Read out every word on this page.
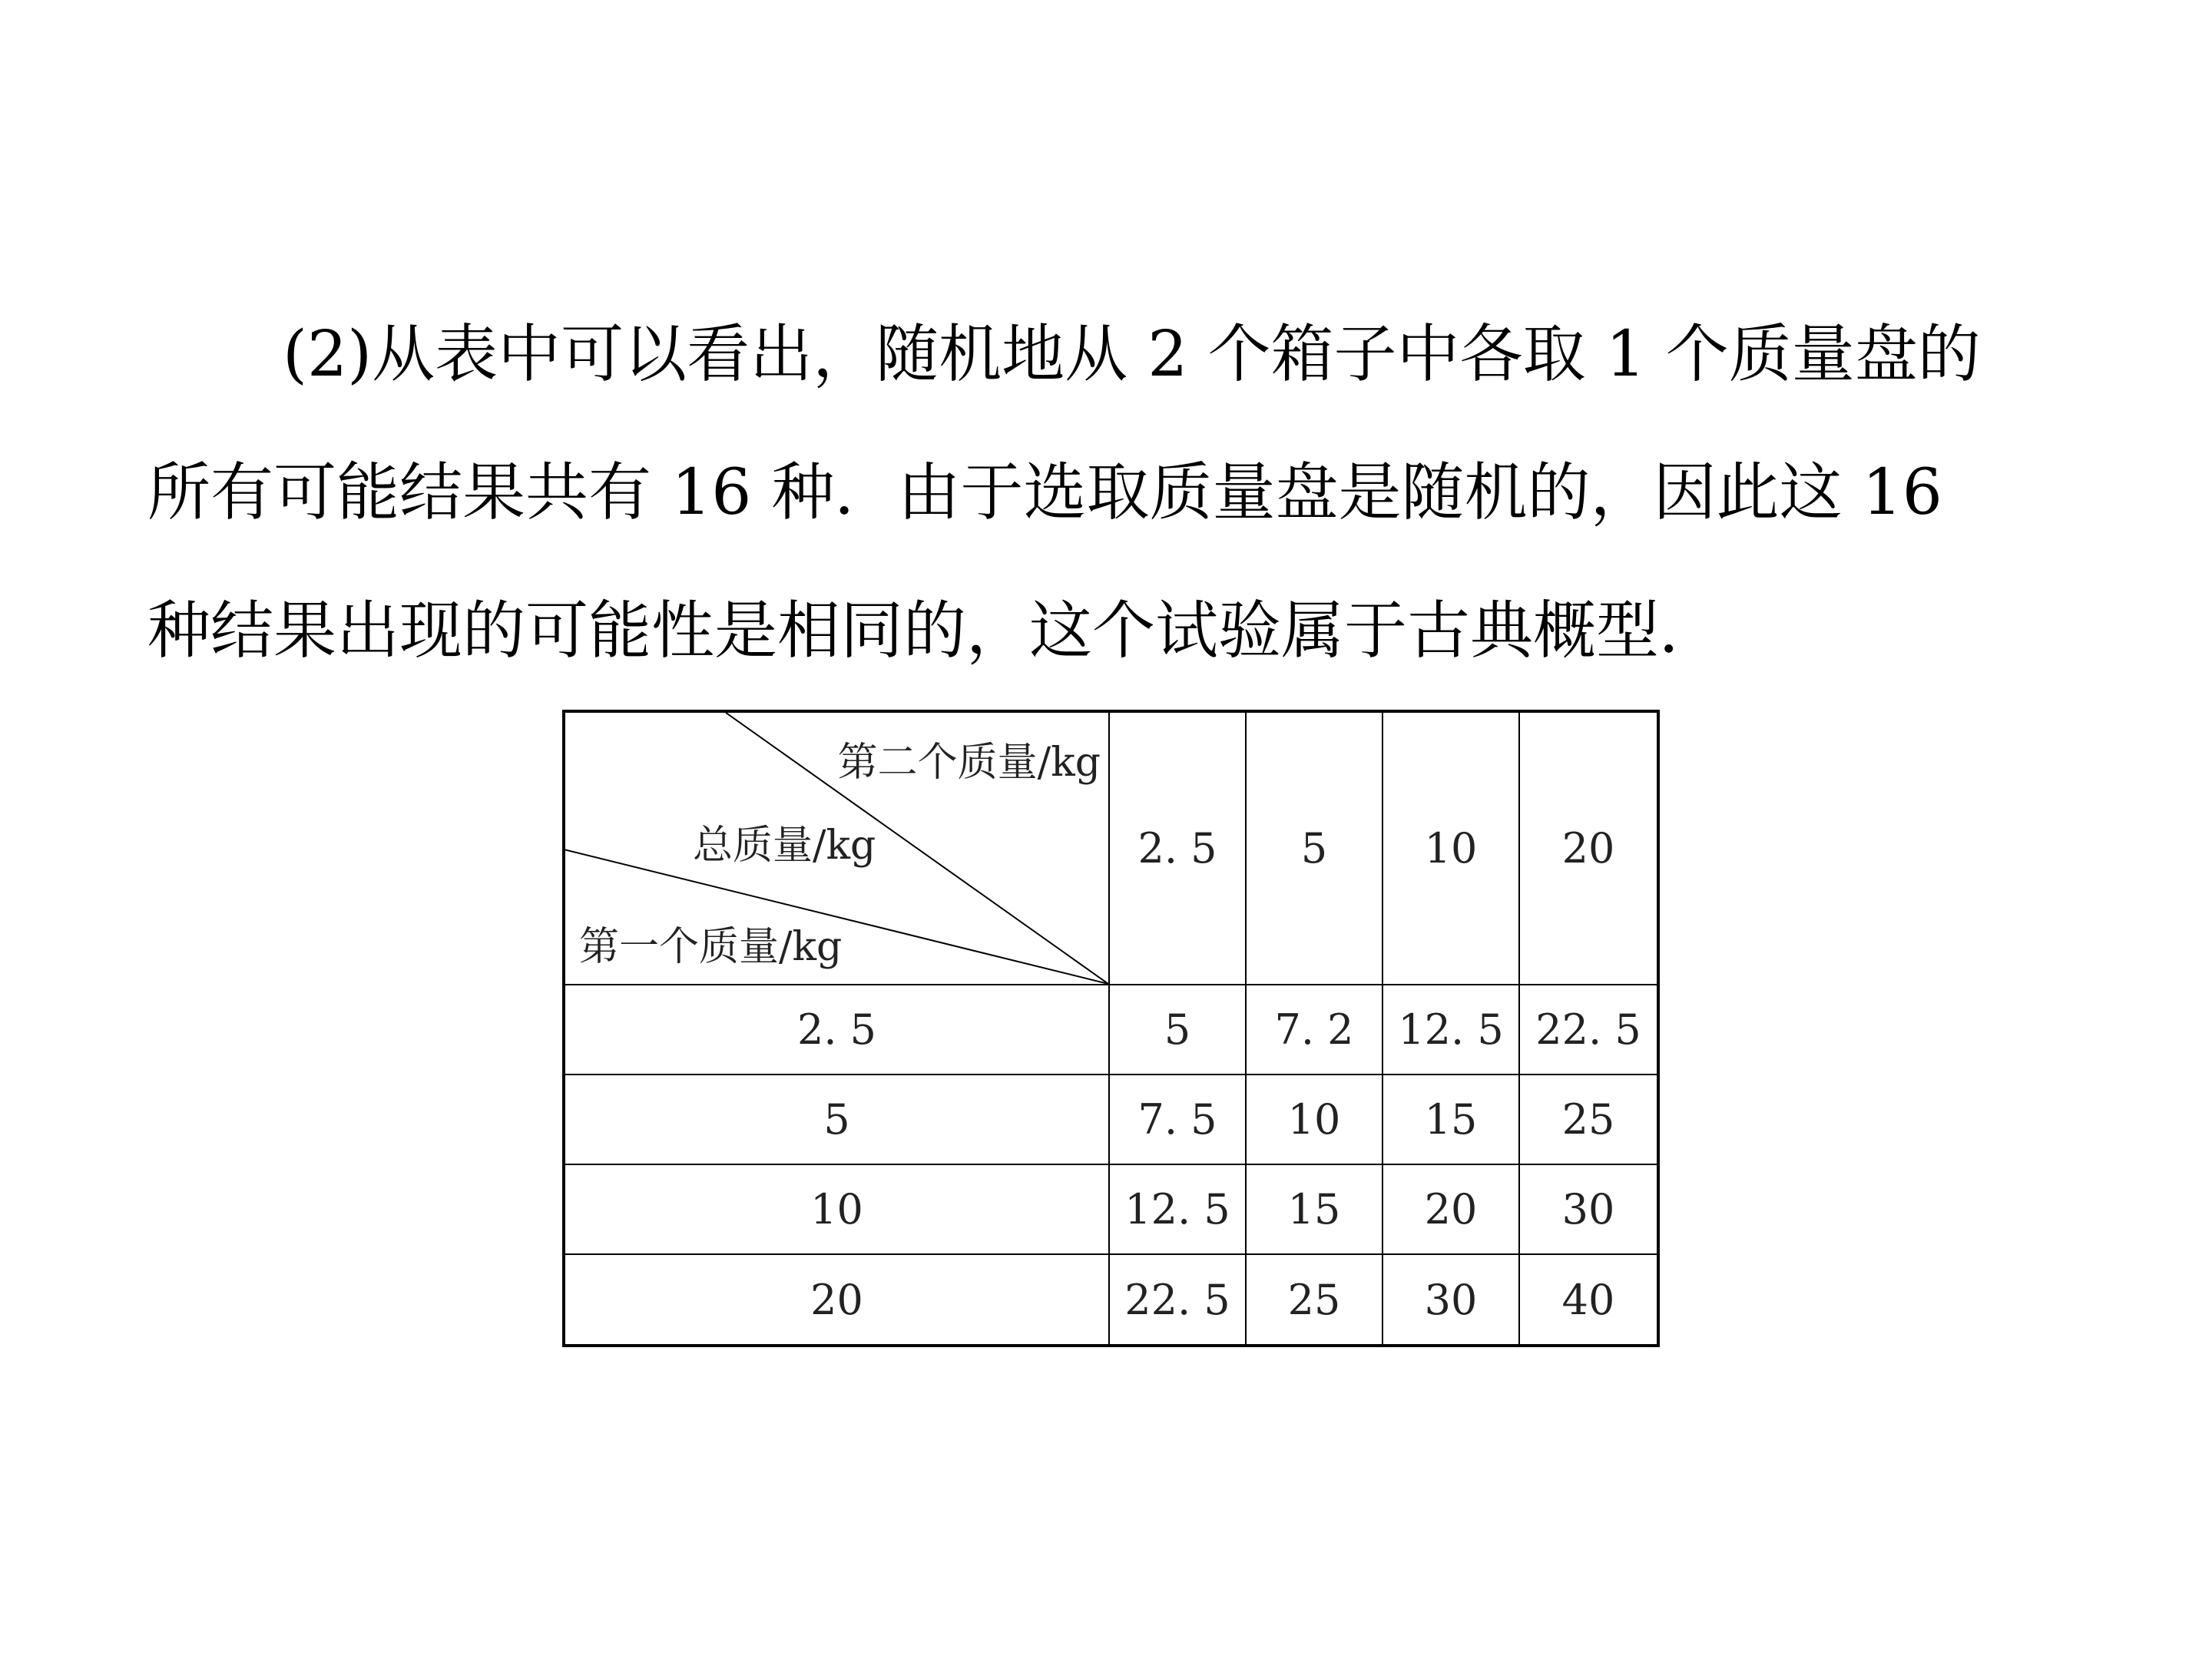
(2)从表中可以看出，随机地从 2 个箱子中各取 1 个质量盘的
所有可能结果共有 16 种．由于选取质量盘是随机的，因此这 16
种结果出现的可能性是相同的，这个试验属于古典概型．

第二个质量/kg
总质量/kg
第一个质量/kg	2. 5	5	10	20
2. 5	5	7. 2	12. 5	22. 5
5	7. 5	10	15	25
10	12. 5	15	20	30
20	22. 5	25	30	40
